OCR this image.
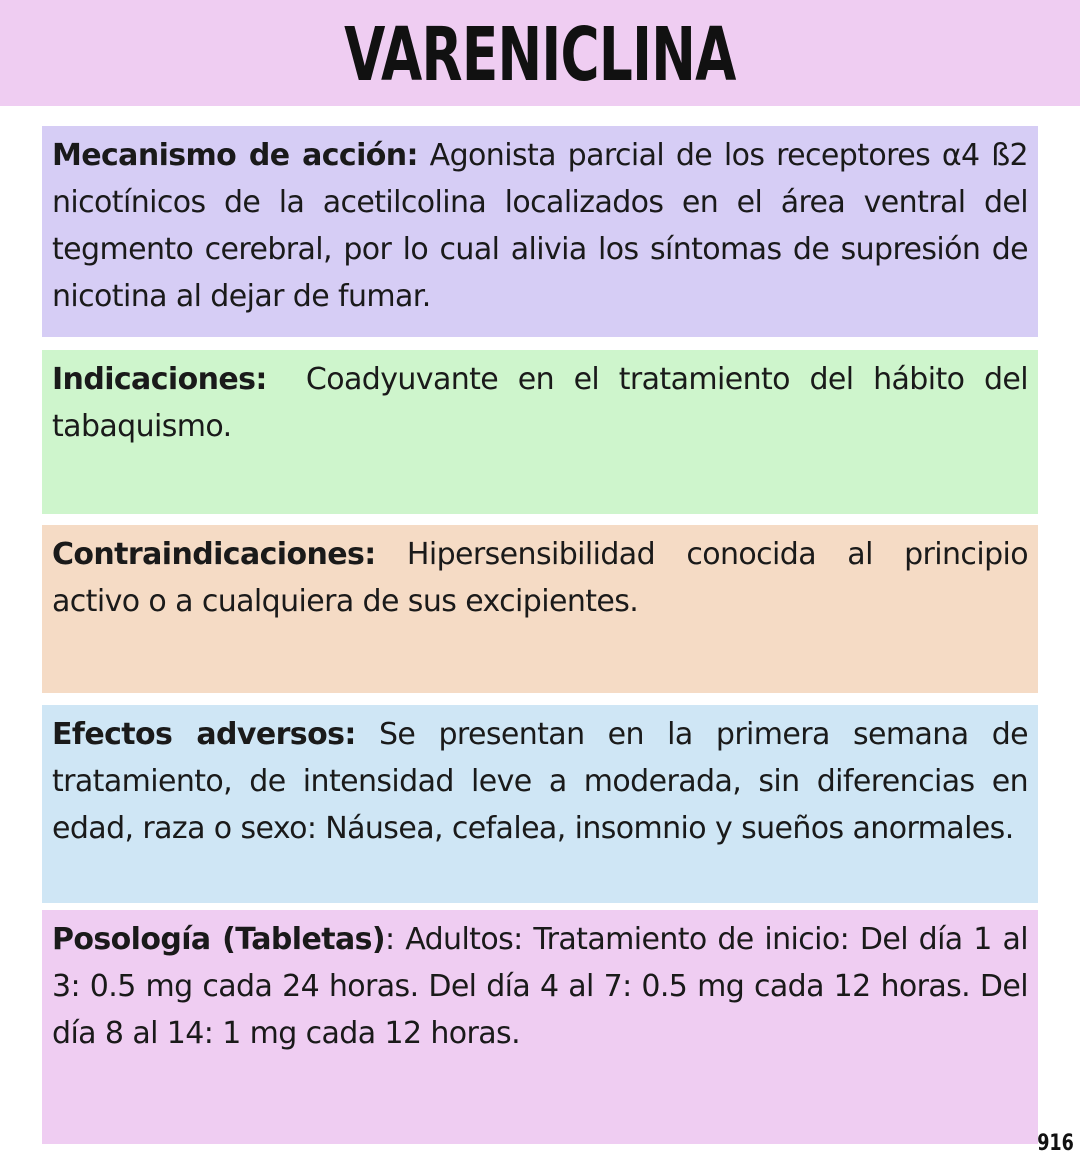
VARENICLINA

Mecanismo de acción: Agonista parcial de los receptores α4 ß2 nicotínicos de la acetilcolina localizados en el área ventral del tegmento cerebral, por lo cual alivia los síntomas de supresión de nicotina al dejar de fumar.

Indicaciones:  Coadyuvante en el tratamiento del hábito del tabaquismo.

Contraindicaciones: Hipersensibilidad conocida al principio activo o a cualquiera de sus excipientes.

Efectos adversos: Se presentan en la primera semana de tratamiento, de intensidad leve a moderada, sin diferencias en edad, raza o sexo: Náusea, cefalea, insomnio y sueños anormales.

Posología (Tabletas): Adultos: Tratamiento de inicio: Del día 1 al 3: 0.5 mg cada 24 horas. Del día 4 al 7: 0.5 mg cada 12 horas. Del día 8 al 14: 1 mg cada 12 horas.

916
